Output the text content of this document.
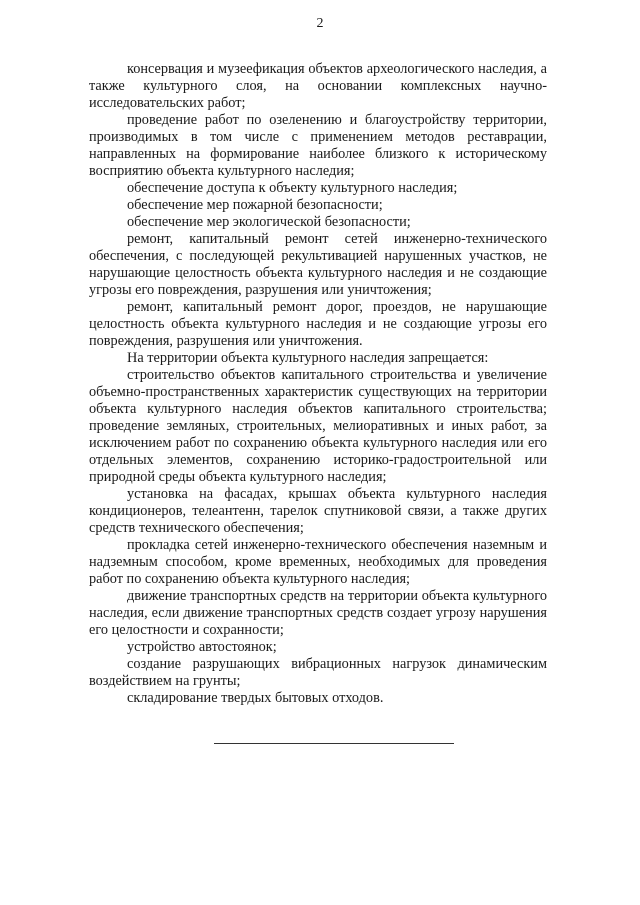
2

консервация и музеефикация объектов археологического наследия, а также культурного слоя, на основании комплексных научно-исследовательских работ;

проведение работ по озеленению и благоустройству территории, производимых в том числе с применением методов реставрации, направленных на формирование наиболее близкого к историческому восприятию объекта культурного наследия;

обеспечение доступа к объекту культурного наследия;

обеспечение мер пожарной безопасности;

обеспечение мер экологической безопасности;

ремонт, капитальный ремонт сетей инженерно-технического обеспечения, с последующей рекультивацией нарушенных участков, не нарушающие целостность объекта культурного наследия и не создающие угрозы его повреждения, разрушения или уничтожения;

ремонт, капитальный ремонт дорог, проездов, не нарушающие целостность объекта культурного наследия и не создающие угрозы его повреждения, разрушения или уничтожения.

На территории объекта культурного наследия запрещается:

строительство объектов капитального строительства и увеличение объемно-пространственных характеристик существующих на территории объекта культурного наследия объектов капитального строительства; проведение земляных, строительных, мелиоративных и иных работ, за исключением работ по сохранению объекта культурного наследия или его отдельных элементов, сохранению историко-градостроительной или природной среды объекта культурного наследия;

установка на фасадах, крышах объекта культурного наследия кондиционеров, телеантенн, тарелок спутниковой связи, а также других средств технического обеспечения;

прокладка сетей инженерно-технического обеспечения наземным и надземным способом, кроме временных, необходимых для проведения работ по сохранению объекта культурного наследия;

движение транспортных средств на территории объекта культурного наследия, если движение транспортных средств создает угрозу нарушения его целостности и сохранности;

устройство автостоянок;

создание разрушающих вибрационных нагрузок динамическим воздействием на грунты;

складирование твердых бытовых отходов.
